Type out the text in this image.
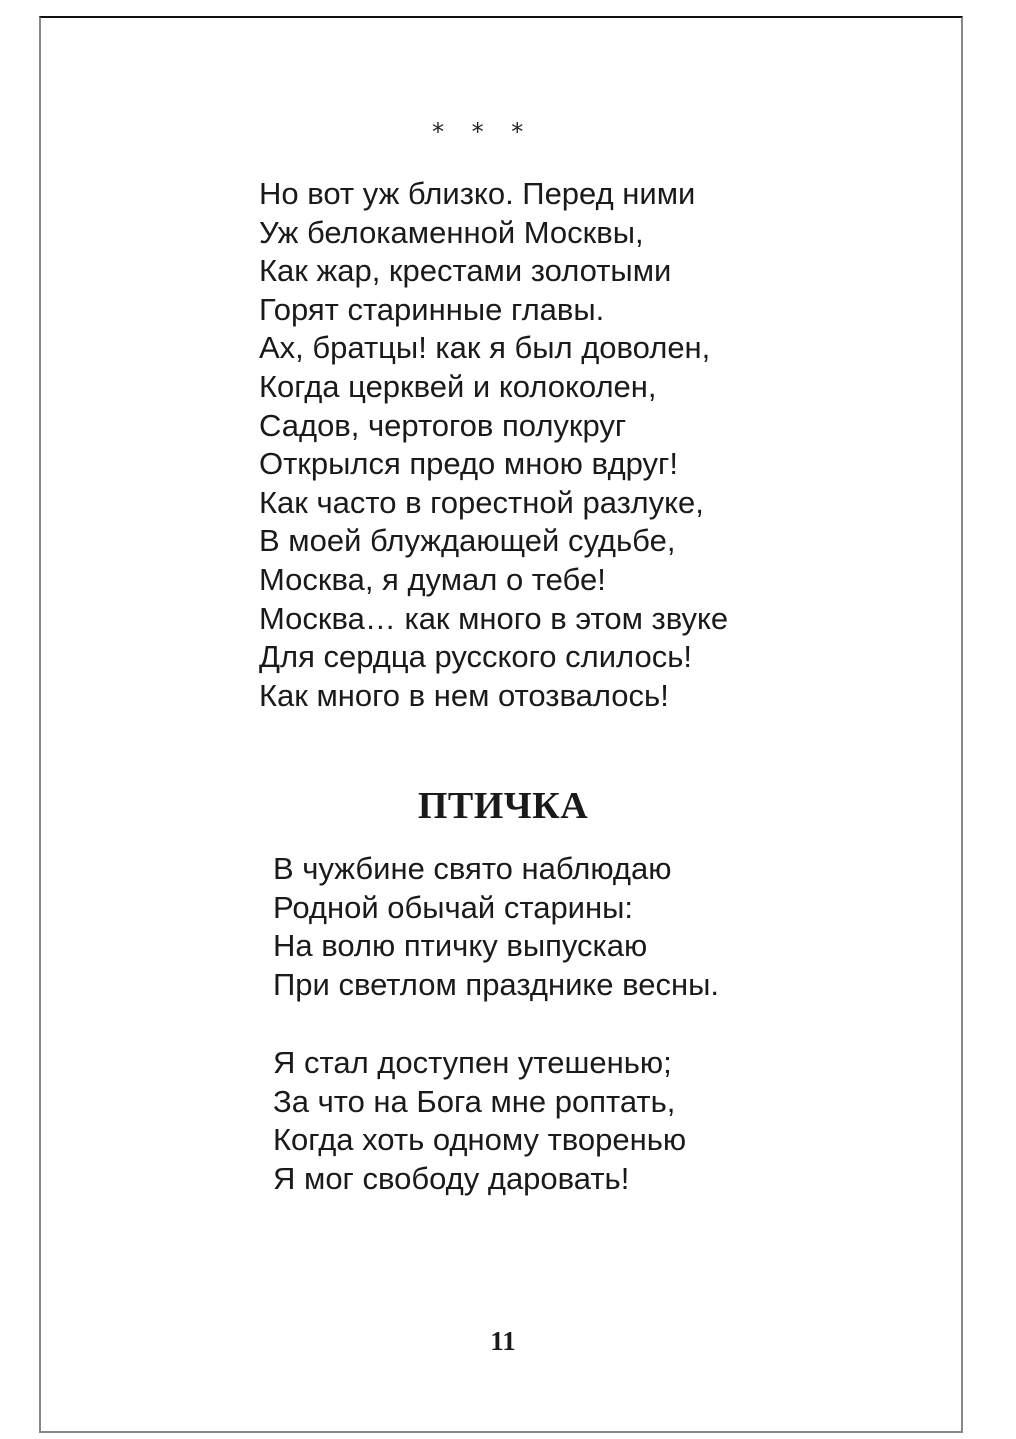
* * *
Но вот уж близко. Перед ними
Уж белокаменной Москвы,
Как жар, крестами золотыми
Горят старинные главы.
Ах, братцы! как я был доволен,
Когда церквей и колоколен,
Садов, чертогов полукруг
Открылся предо мною вдруг!
Как часто в горестной разлуке,
В моей блуждающей судьбе,
Москва, я думал о тебе!
Москва… как много в этом звуке
Для сердца русского слилось!
Как много в нем отозвалось!
ПТИЧКА
В чужбине свято наблюдаю
Родной обычай старины:
На волю птичку выпускаю
При светлом празднике весны.
Я стал доступен утешенью;
За что на Бога мне роптать,
Когда хоть одному творенью
Я мог свободу даровать!
11
